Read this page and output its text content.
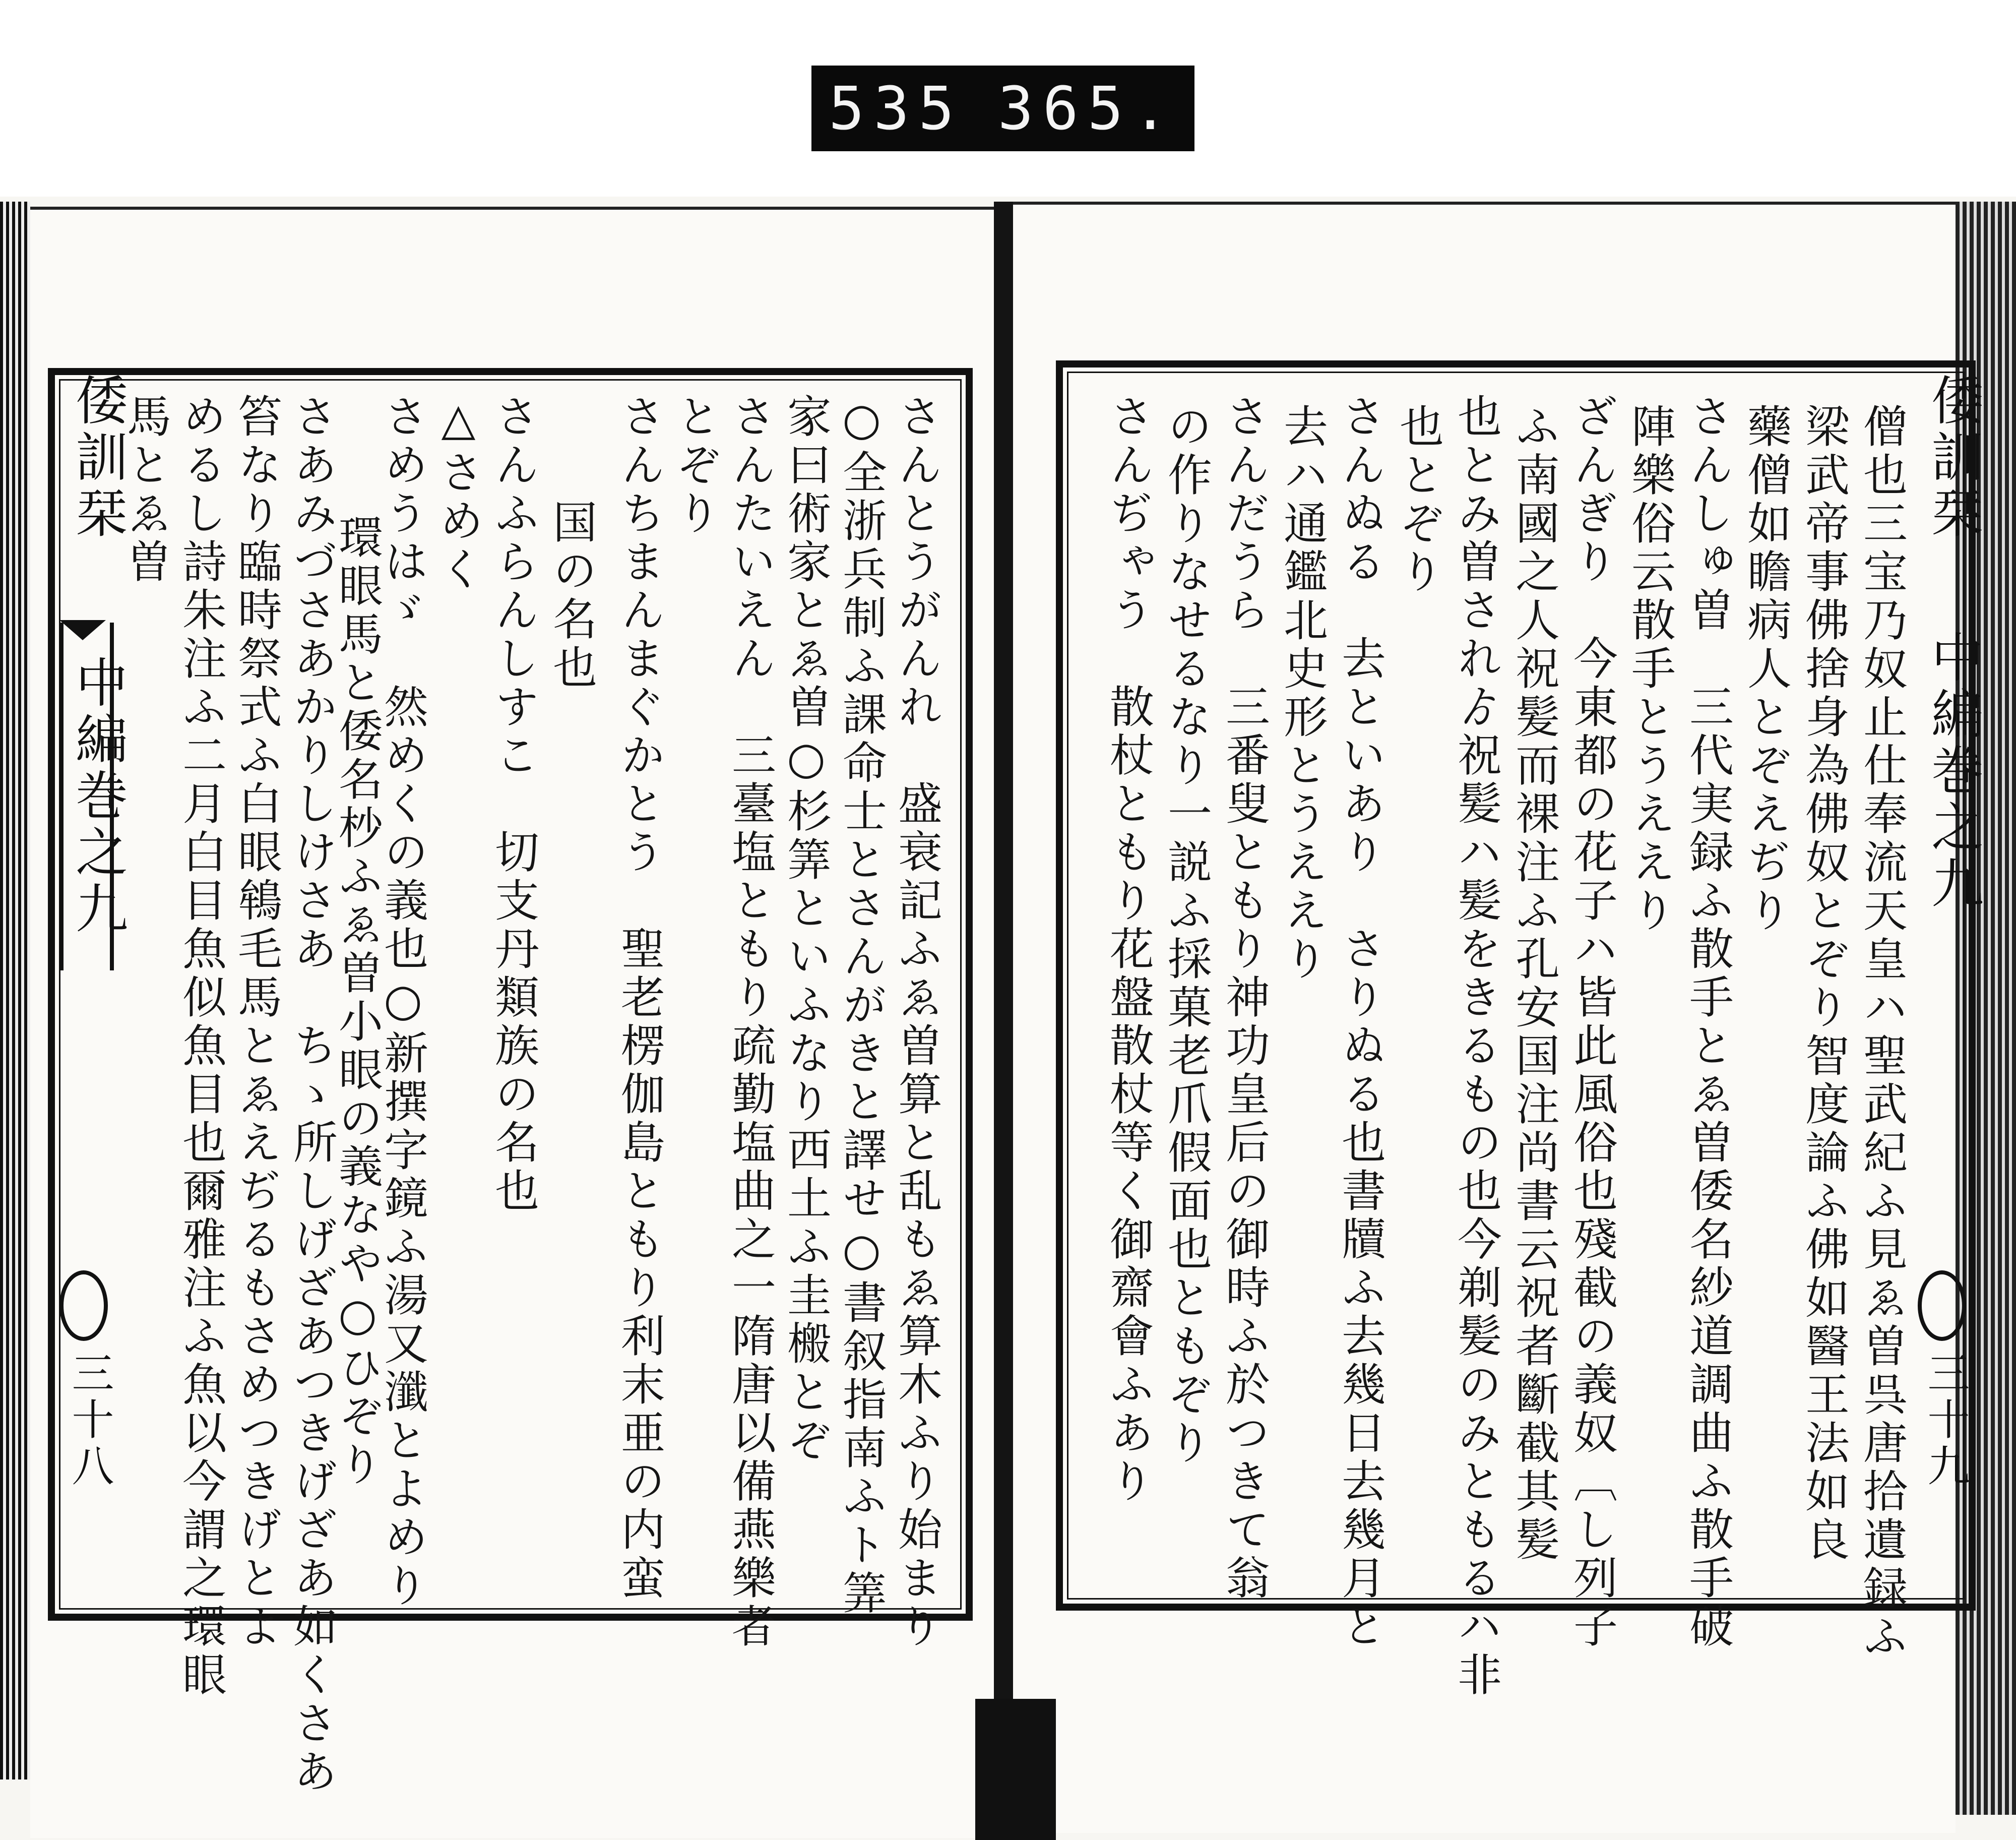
535 365.
倭訓栞
中編巻之九
三十八	さんとうがんれ　盛衰記ふゑ曽算と乱もゑ算木ふり始まり
○全浙兵制ふ課命士とさんがきと譯せ○書叙指南ふト筭
家曰術家とゑ曽○杉筭といふなり西土ふ圭㮽とぞ
さんたいえん　三臺塩ともり疏勤塩曲之一隋唐以備燕樂者
とぞり
さんちまんまぐかとう　聖老楞伽島ともり利末亜の内蛮
国の名也
さんふらんしすこ　切支丹類族の名也
△さめく
さめうはゞ　然めくの義也○新撰字鏡ふ湯又瀸とよめり
環眼馬と倭名杪ふゑ曽小眼の義なや○ひぞり
さあみづさあかりしけさあ　ちゝ所しげざあつきげざあ如くさあ
笞なり臨時祭式ふ白眼鴾毛馬とゑえぢるもさめつきげとよ
めるし詩朱注ふ二月白目魚似魚目也爾雅注ふ魚以今謂之環眼
馬とゑ曽	倭訓栞
中編巻之九
三十九
僧也三宝乃奴止仕奉流天皇ハ聖武紀ふ見ゑ曽呉唐拾遺録ふ
梁武帝事佛捨身為佛奴とぞり智度論ふ佛如醫王法如良
藥僧如瞻病人とぞえぢり
さんしゅ曽　三代実録ふ散手とゑ曽倭名紗道調曲ふ散手破
陣樂俗云散手とうええり
ざんぎり　今東都の花子ハ皆此風俗也殘截の義奴〔し列子
ふ南國之人祝髪而裸注ふ孔安国注尚書云祝者斷截其髪
也とみ曽されゟ祝髪ハ髪をきるもの也今剃髪のみともるハ非
也とぞり
さんぬる　去といあり　さりぬる也書牘ふ去幾日去幾月と
去ハ通鑑北史形とうええり
さんだうら　三番叟ともり神功皇后の御時ふ於つきて翁
の作りなせるなり一説ふ採菓老爪假面也ともぞり
さんぢゃう　散杖ともり花盤散杖等く御齋會ふあり
